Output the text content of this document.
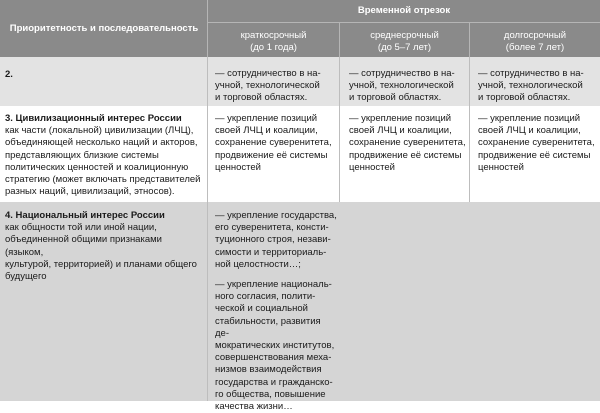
Приоритетность и последовательность
Временной отрезок
краткосрочный
(до 1 года)
среднесрочный
(до 5–7 лет)
долгосрочный
(более 7 лет)
2.	— сотрудничество в на-
учной, технологической
и торговой областях.
— сотрудничество в на-
учной, технологической
и торговой областях.
— сотрудничество в на-
учной, технологической
и торговой областях.
3. Цивилизационный интерес России
как части (локальной) цивилизации (ЛЧЦ),
объединяющей несколько наций и акторов,
представляющих близкие системы
политических ценностей и коалиционную
стратегию (может включать представителей
разных наций, цивилизаций, этносов).
— укрепление позиций
своей ЛЧЦ и коалиции,
сохранение суверенитета,
продвижение её системы
ценностей
— укрепление позиций
своей ЛЧЦ и коалиции,
сохранение суверенитета,
продвижение её системы
ценностей
— укрепление позиций
своей ЛЧЦ и коалиции,
сохранение суверенитета,
продвижение её системы
ценностей
4. Национальный интерес России
как общности той или иной нации,
объединенной общими признаками (языком,
культурой, территорией) и планами общего
будущего
— укрепление государства,
его суверенитета, консти-
туционного строя, незави-
симости и территориаль-
ной целостности…;
— укрепление националь-
ного согласия, полити-
ческой и социальной
стабильности, развития де-
мократических институтов,
совершенствования меха-
низмов взаимодействия
государства и гражданско-
го общества, повышение
качества жизни…
